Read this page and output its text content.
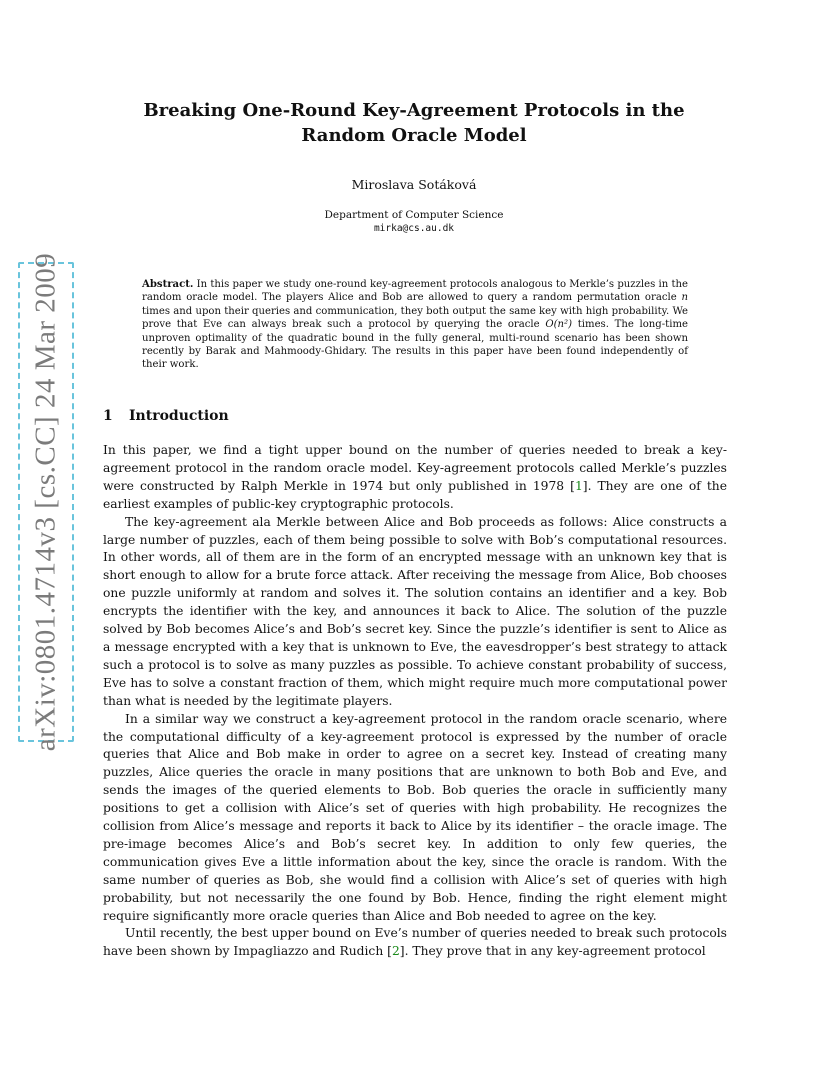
arXiv:0801.4714v3 [cs.CC] 24 Mar 2009
Breaking One-Round Key-Agreement Protocols in the Random Oracle Model
Miroslava Sotáková
Department of Computer Science
mirka@cs.au.dk
Abstract. In this paper we study one-round key-agreement protocols analogous to Merkle’s puzzles in the random oracle model. The players Alice and Bob are allowed to query a random permutation oracle n times and upon their queries and communication, they both output the same key with high probability. We prove that Eve can always break such a protocol by querying the oracle O(n²) times. The long-time unproven optimality of the quadratic bound in the fully general, multi-round scenario has been shown recently by Barak and Mahmoody-Ghidary. The results in this paper have been found independently of their work.
1 Introduction

In this paper, we find a tight upper bound on the number of queries needed to break a key-agreement protocol in the random oracle model. Key-agreement protocols called Merkle’s puzzles were constructed by Ralph Merkle in 1974 but only published in 1978 [1]. They are one of the earliest examples of public-key cryptographic protocols.

The key-agreement ala Merkle between Alice and Bob proceeds as follows: Alice constructs a large number of puzzles, each of them being possible to solve with Bob’s computational resources. In other words, all of them are in the form of an encrypted message with an unknown key that is short enough to allow for a brute force attack. After receiving the message from Alice, Bob chooses one puzzle uniformly at random and solves it. The solution contains an identifier and a key. Bob encrypts the identifier with the key, and announces it back to Alice. The solution of the puzzle solved by Bob becomes Alice’s and Bob’s secret key. Since the puzzle’s identifier is sent to Alice as a message encrypted with a key that is unknown to Eve, the eavesdropper’s best strategy to attack such a protocol is to solve as many puzzles as possible. To achieve constant probability of success, Eve has to solve a constant fraction of them, which might require much more computational power than what is needed by the legitimate players.

In a similar way we construct a key-agreement protocol in the random oracle scenario, where the computational difficulty of a key-agreement protocol is expressed by the number of oracle queries that Alice and Bob make in order to agree on a secret key. Instead of creating many puzzles, Alice queries the oracle in many positions that are unknown to both Bob and Eve, and sends the images of the queried elements to Bob. Bob queries the oracle in sufficiently many positions to get a collision with Alice’s set of queries with high probability. He recognizes the collision from Alice’s message and reports it back to Alice by its identifier – the oracle image. The pre-image becomes Alice’s and Bob’s secret key. In addition to only few queries, the communication gives Eve a little information about the key, since the oracle is random. With the same number of queries as Bob, she would find a collision with Alice’s set of queries with high probability, but not necessarily the one found by Bob. Hence, finding the right element might require significantly more oracle queries than Alice and Bob needed to agree on the key.

Until recently, the best upper bound on Eve’s number of queries needed to break such protocols have been shown by Impagliazzo and Rudich [2]. They prove that in any key-agreement protocol
